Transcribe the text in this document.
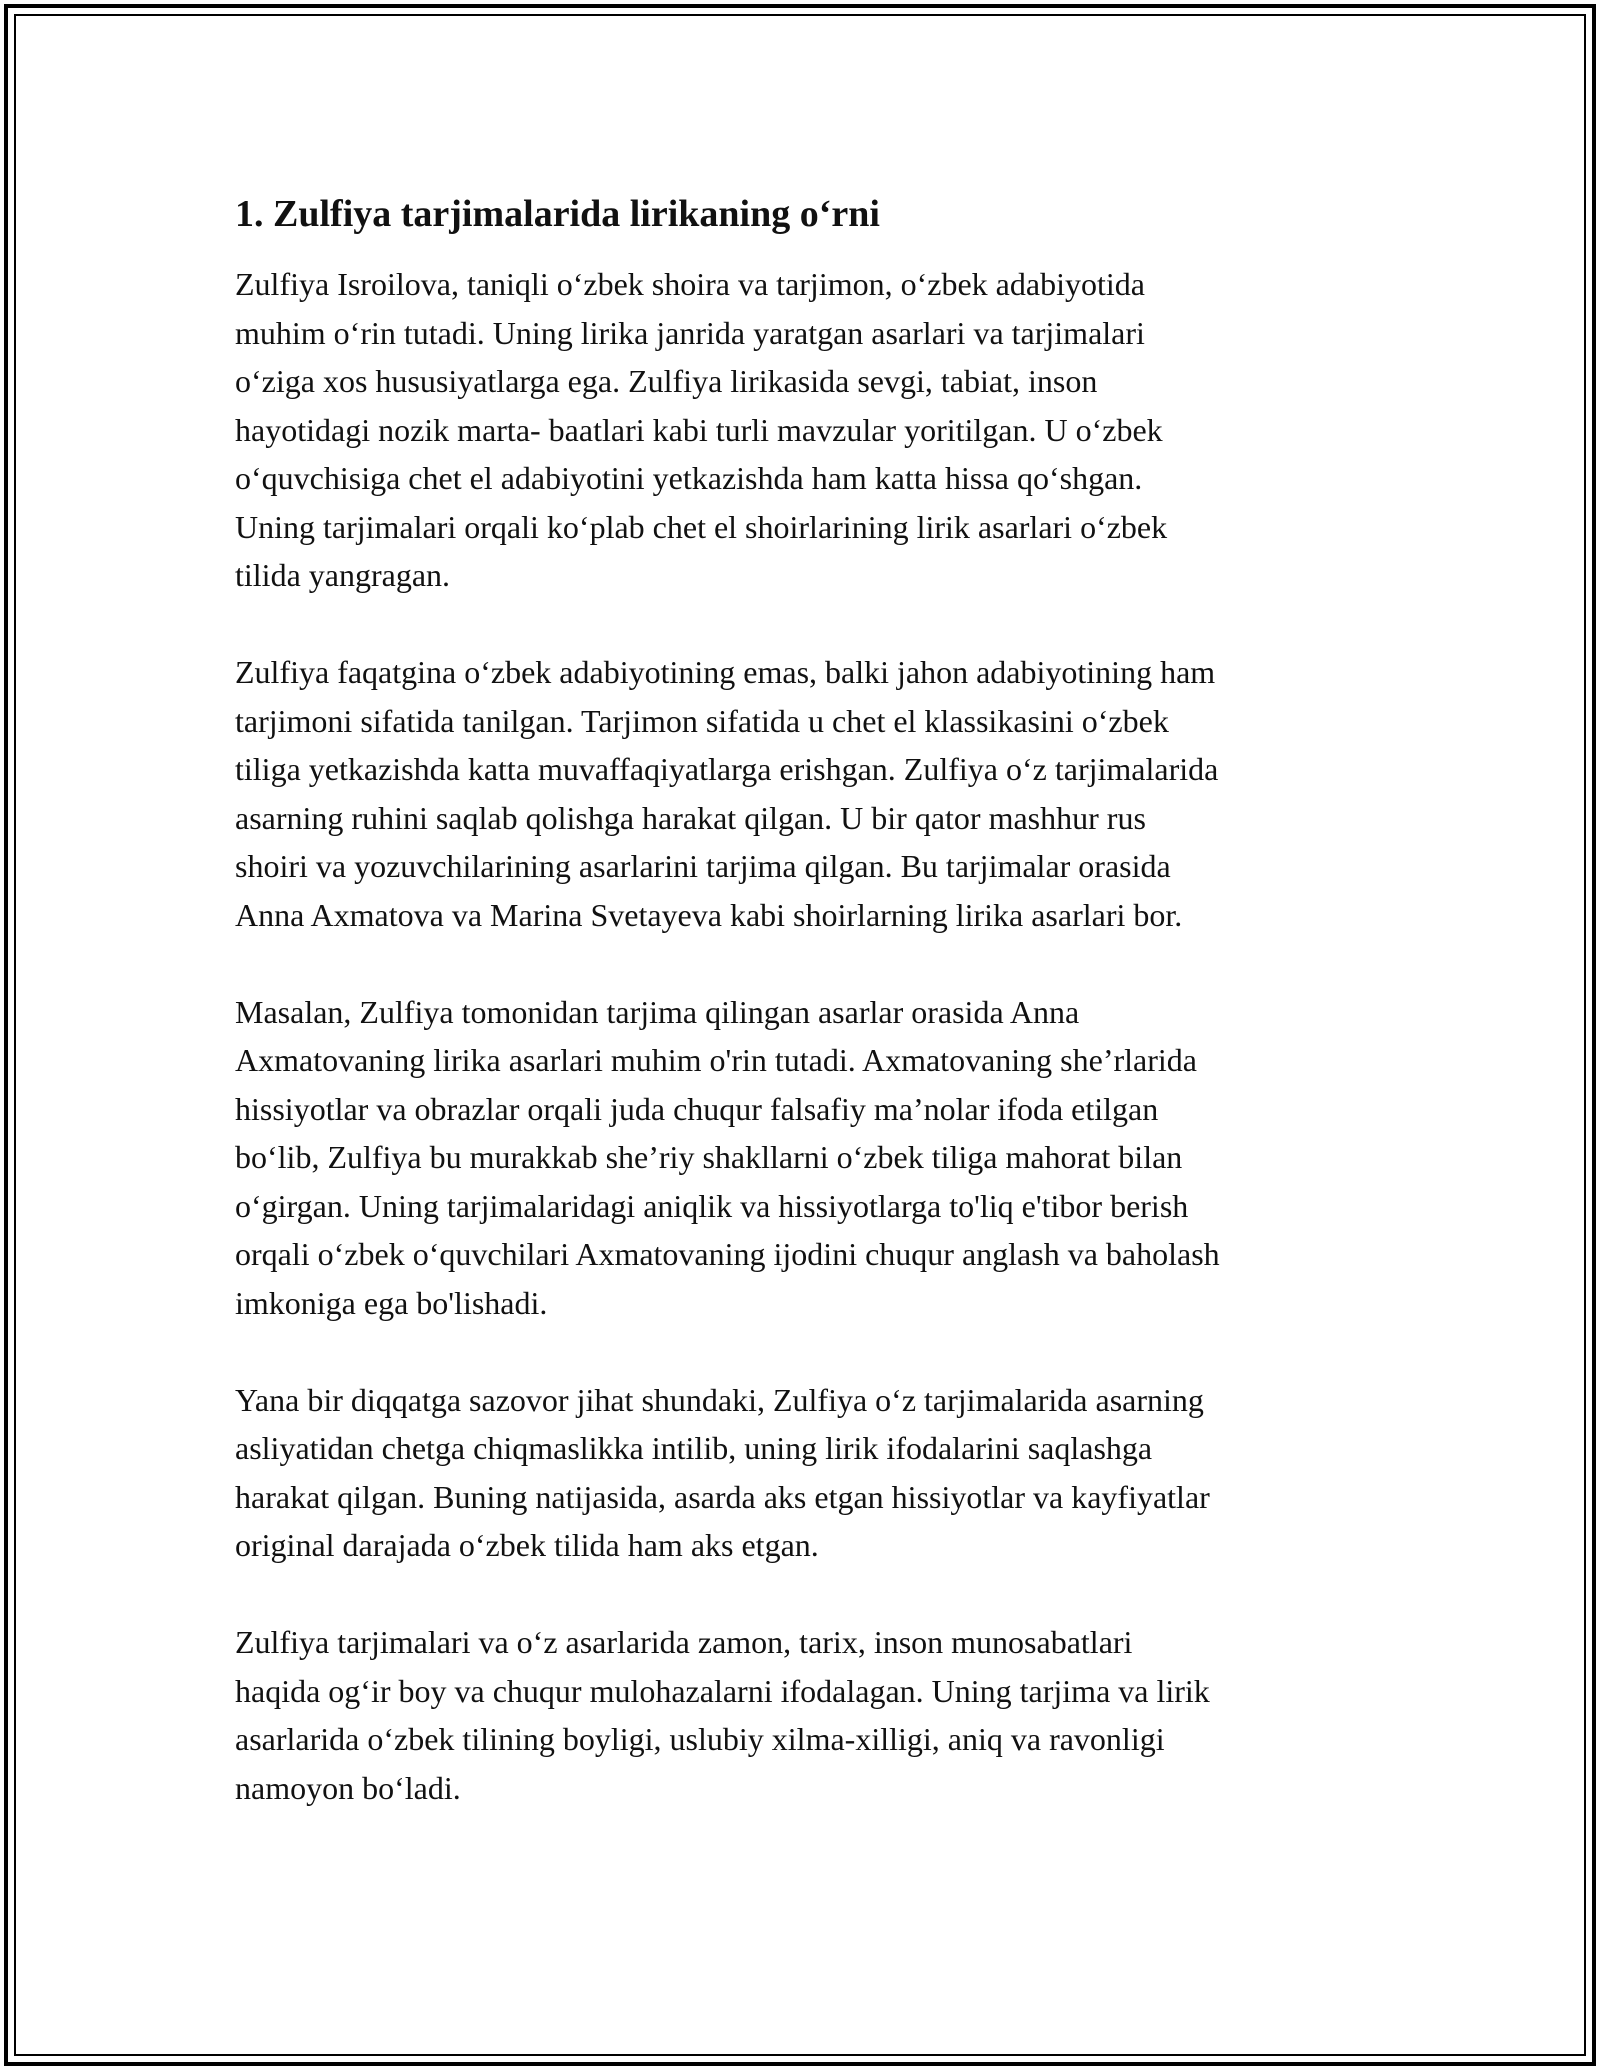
1. Zulfiya tarjimalarida lirikaning o‘rni
Zulfiya Isroilova, taniqli o‘zbek shoira va tarjimon, o‘zbek adabiyotida
muhim o‘rin tutadi. Uning lirika janrida yaratgan asarlari va tarjimalari
o‘ziga xos hususiyatlarga ega. Zulfiya lirikasida sevgi, tabiat, inson
hayotidagi nozik marta- baatlari kabi turli mavzular yoritilgan. U o‘zbek
o‘quvchisiga chet el adabiyotini yetkazishda ham katta hissa qo‘shgan.
Uning tarjimalari orqali ko‘plab chet el shoirlarining lirik asarlari o‘zbek
tilida yangragan.
Zulfiya faqatgina o‘zbek adabiyotining emas, balki jahon adabiyotining ham
tarjimoni sifatida tanilgan. Tarjimon sifatida u chet el klassikasini o‘zbek
tiliga yetkazishda katta muvaffaqiyatlarga erishgan. Zulfiya o‘z tarjimalarida
asarning ruhini saqlab qolishga harakat qilgan. U bir qator mashhur rus
shoiri va yozuvchilarining asarlarini tarjima qilgan. Bu tarjimalar orasida
Anna Axmatova va Marina Svetayeva kabi shoirlarning lirika asarlari bor.
Masalan, Zulfiya tomonidan tarjima qilingan asarlar orasida Anna
Axmatovaning lirika asarlari muhim o'rin tutadi. Axmatovaning she’rlarida
hissiyotlar va obrazlar orqali juda chuqur falsafiy ma’nolar ifoda etilgan
bo‘lib, Zulfiya bu murakkab she’riy shakllarni o‘zbek tiliga mahorat bilan
o‘girgan. Uning tarjimalaridagi aniqlik va hissiyotlarga to'liq e'tibor berish
orqali o‘zbek o‘quvchilari Axmatovaning ijodini chuqur anglash va baholash
imkoniga ega bo'lishadi.
Yana bir diqqatga sazovor jihat shundaki, Zulfiya o‘z tarjimalarida asarning
asliyatidan chetga chiqmaslikka intilib, uning lirik ifodalarini saqlashga
harakat qilgan. Buning natijasida, asarda aks etgan hissiyotlar va kayfiyatlar
original darajada o‘zbek tilida ham aks etgan.
Zulfiya tarjimalari va o‘z asarlarida zamon, tarix, inson munosabatlari
haqida og‘ir boy va chuqur mulohazalarni ifodalagan. Uning tarjima va lirik
asarlarida o‘zbek tilining boyligi, uslubiy xilma-xilligi, aniq va ravonligi
namoyon bo‘ladi.
